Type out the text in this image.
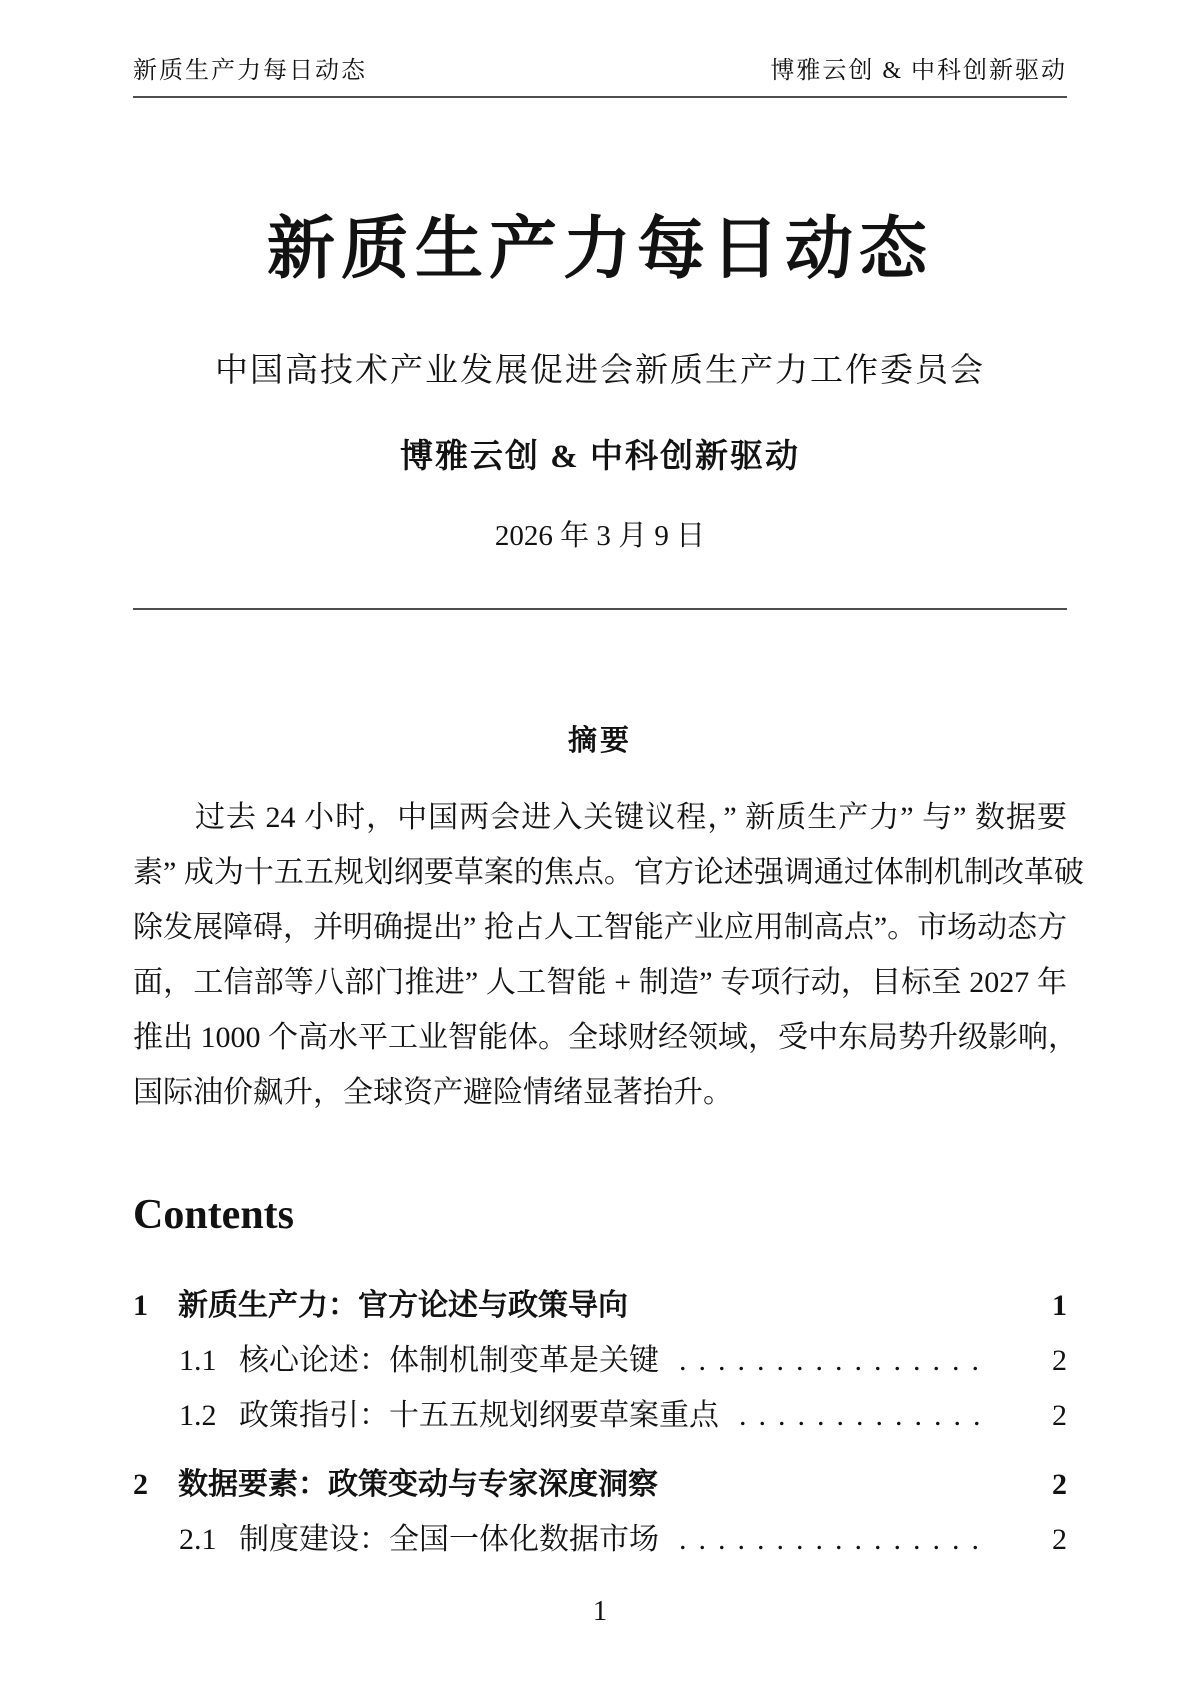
新质生产力每日动态	博雅云创 & 中科创新驱动
新质生产力每日动态
中国高技术产业发展促进会新质生产力工作委员会
博雅云创 & 中科创新驱动
2026 年 3 月 9 日
摘要
过去 24 小时，中国两会进入关键议程，” 新质生产力” 与” 数据要
素” 成为十五五规划纲要草案的焦点。官方论述强调通过体制机制改革破
除发展障碍，并明确提出” 抢占人工智能产业应用制高点”。市场动态方
面，工信部等八部门推进” 人工智能 + 制造” 专项行动，目标至 2027 年
推出 1000 个高水平工业智能体。全球财经领域，受中东局势升级影响，
国际油价飙升，全球资产避险情绪显著抬升。
Contents
1	新质生产力：官方论述与政策导向	1
1.1 核心论述：体制机制变革是关键 .....	2
1.2 政策指引：十五五规划纲要草案重点 .....	2
2	数据要素：政策变动与专家深度洞察	2
2.1 制度建设：全国一体化数据市场 .....	2
1
